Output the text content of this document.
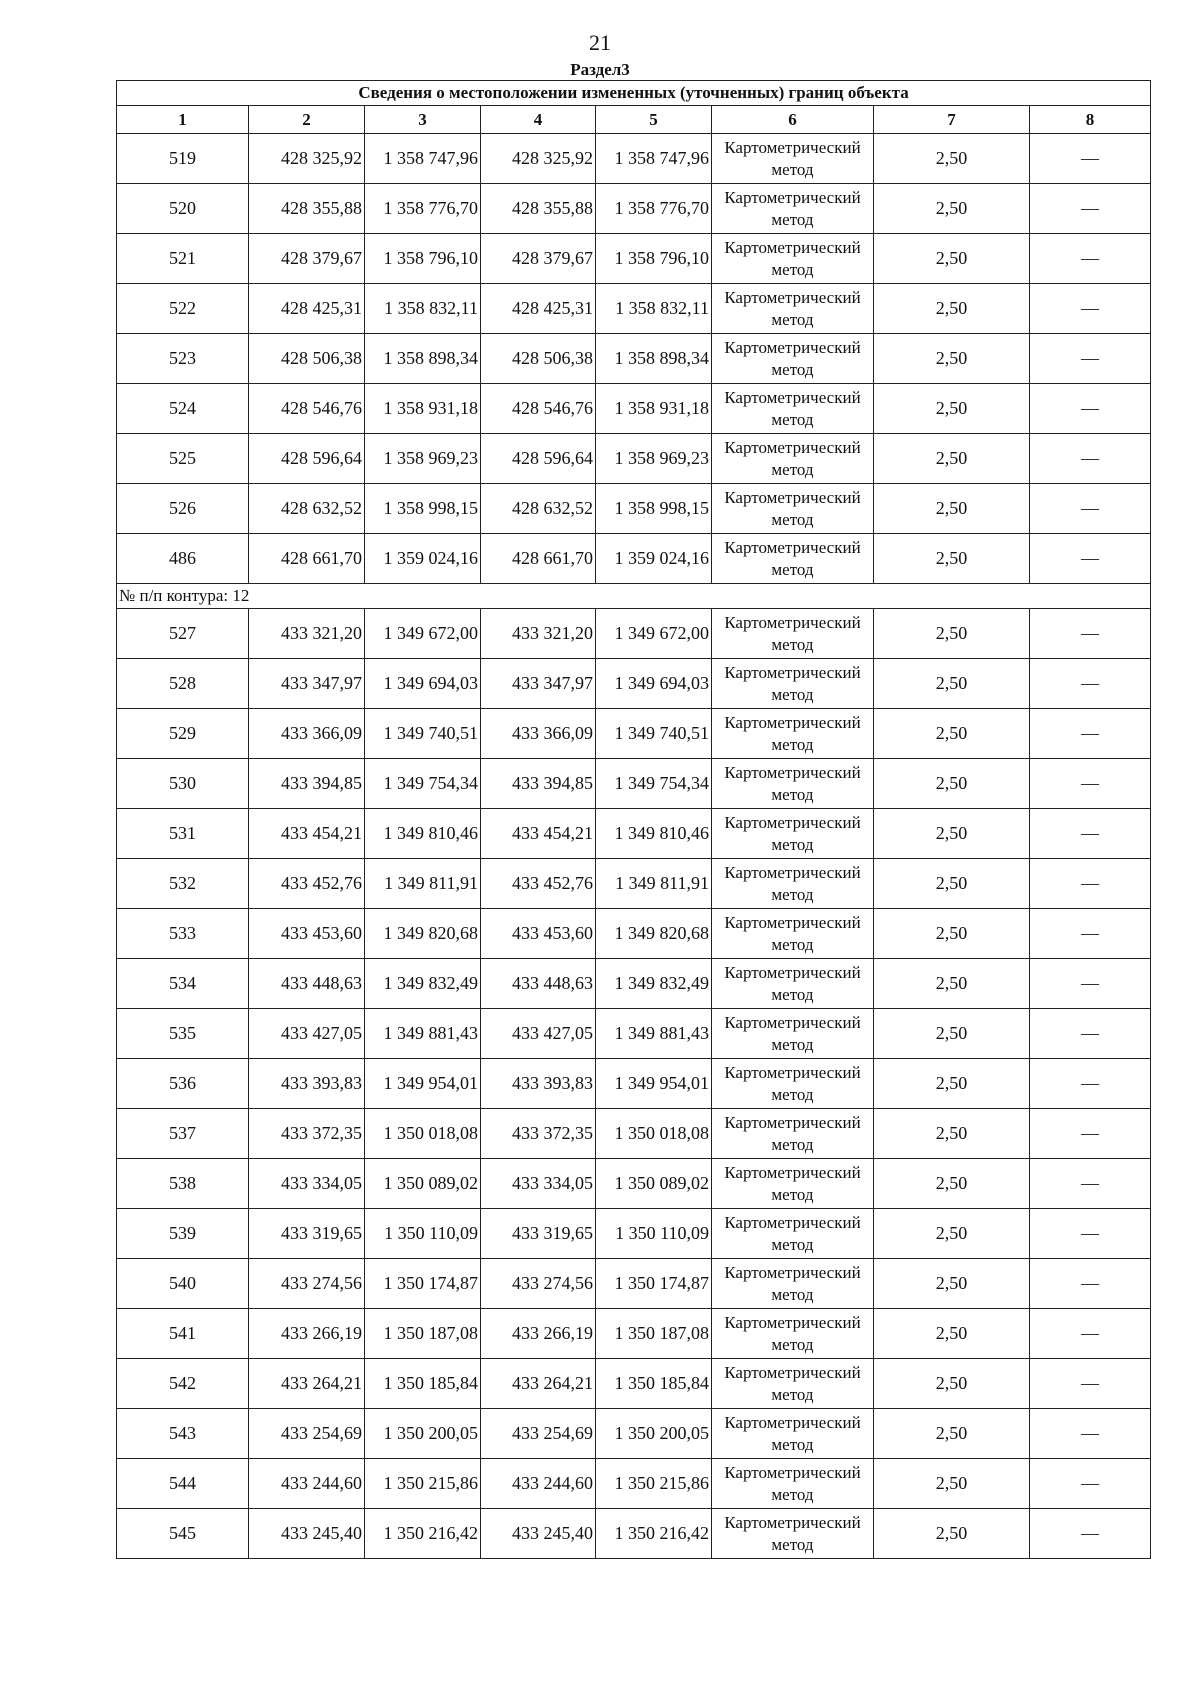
21
Раздел3
Сведения о местоположении измененных (уточненных) границ объекта							
1	2	3	4	5	6	7	8
519	428 325,92	1 358 747,96	428 325,92	1 358 747,96	Картометрический метод	2,50	—
520	428 355,88	1 358 776,70	428 355,88	1 358 776,70	Картометрический метод	2,50	—
521	428 379,67	1 358 796,10	428 379,67	1 358 796,10	Картометрический метод	2,50	—
522	428 425,31	1 358 832,11	428 425,31	1 358 832,11	Картометрический метод	2,50	—
523	428 506,38	1 358 898,34	428 506,38	1 358 898,34	Картометрический метод	2,50	—
524	428 546,76	1 358 931,18	428 546,76	1 358 931,18	Картометрический метод	2,50	—
525	428 596,64	1 358 969,23	428 596,64	1 358 969,23	Картометрический метод	2,50	—
526	428 632,52	1 358 998,15	428 632,52	1 358 998,15	Картометрический метод	2,50	—
486	428 661,70	1 359 024,16	428 661,70	1 359 024,16	Картометрический метод	2,50	—
№ п/п контура: 12							
527	433 321,20	1 349 672,00	433 321,20	1 349 672,00	Картометрический метод	2,50	—
528	433 347,97	1 349 694,03	433 347,97	1 349 694,03	Картометрический метод	2,50	—
529	433 366,09	1 349 740,51	433 366,09	1 349 740,51	Картометрический метод	2,50	—
530	433 394,85	1 349 754,34	433 394,85	1 349 754,34	Картометрический метод	2,50	—
531	433 454,21	1 349 810,46	433 454,21	1 349 810,46	Картометрический метод	2,50	—
532	433 452,76	1 349 811,91	433 452,76	1 349 811,91	Картометрический метод	2,50	—
533	433 453,60	1 349 820,68	433 453,60	1 349 820,68	Картометрический метод	2,50	—
534	433 448,63	1 349 832,49	433 448,63	1 349 832,49	Картометрический метод	2,50	—
535	433 427,05	1 349 881,43	433 427,05	1 349 881,43	Картометрический метод	2,50	—
536	433 393,83	1 349 954,01	433 393,83	1 349 954,01	Картометрический метод	2,50	—
537	433 372,35	1 350 018,08	433 372,35	1 350 018,08	Картометрический метод	2,50	—
538	433 334,05	1 350 089,02	433 334,05	1 350 089,02	Картометрический метод	2,50	—
539	433 319,65	1 350 110,09	433 319,65	1 350 110,09	Картометрический метод	2,50	—
540	433 274,56	1 350 174,87	433 274,56	1 350 174,87	Картометрический метод	2,50	—
541	433 266,19	1 350 187,08	433 266,19	1 350 187,08	Картометрический метод	2,50	—
542	433 264,21	1 350 185,84	433 264,21	1 350 185,84	Картометрический метод	2,50	—
543	433 254,69	1 350 200,05	433 254,69	1 350 200,05	Картометрический метод	2,50	—
544	433 244,60	1 350 215,86	433 244,60	1 350 215,86	Картометрический метод	2,50	—
545	433 245,40	1 350 216,42	433 245,40	1 350 216,42	Картометрический метод	2,50	—
